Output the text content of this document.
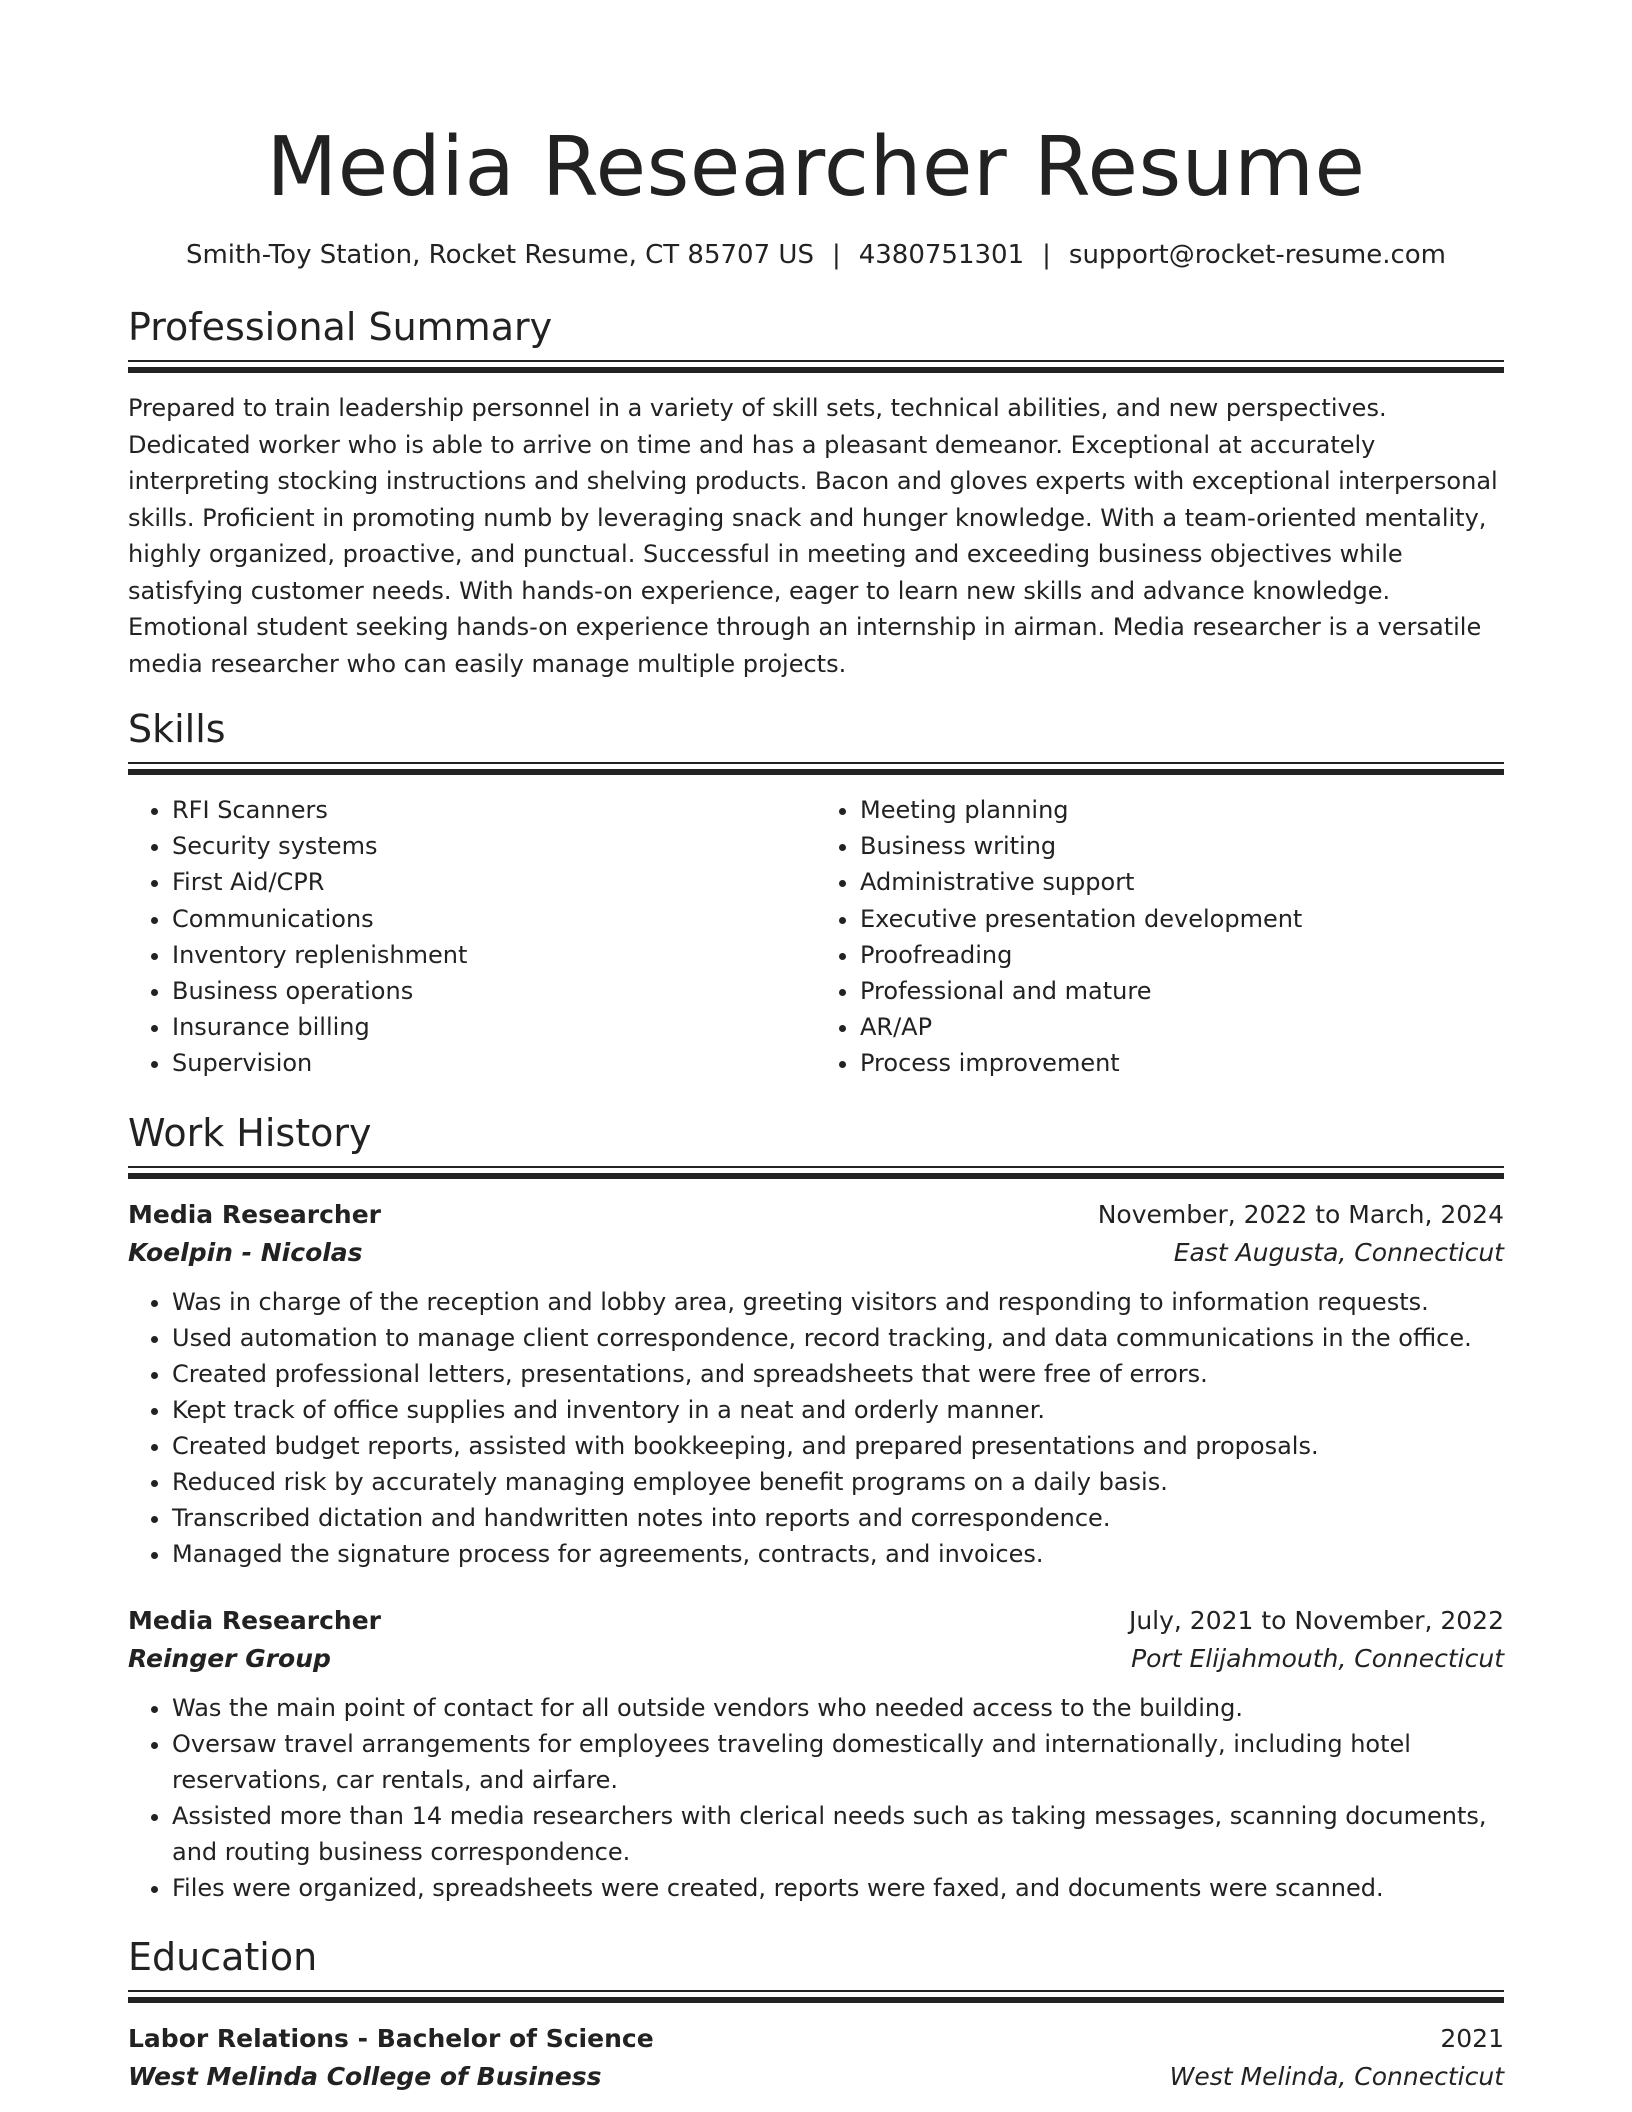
Media Researcher Resume
Smith-Toy Station, Rocket Resume, CT 85707 US | 4380751301 | support@rocket-resume.com
Professional Summary

Prepared to train leadership personnel in a variety of skill sets, technical abilities, and new perspectives. Dedicated worker who is able to arrive on time and has a pleasant demeanor. Exceptional at accurately interpreting stocking instructions and shelving products. Bacon and gloves experts with exceptional interpersonal skills. Proficient in promoting numb by leveraging snack and hunger knowledge. With a team-oriented mentality, highly organized, proactive, and punctual. Successful in meeting and exceeding business objectives while satisfying customer needs. With hands-on experience, eager to learn new skills and advance knowledge. Emotional student seeking hands-on experience through an internship in airman. Media researcher is a versatile media researcher who can easily manage multiple projects.

Skills
• RFI Scanners
• Security systems
• First Aid/CPR
• Communications
• Inventory replenishment
• Business operations
• Insurance billing
• Supervision
• Meeting planning
• Business writing
• Administrative support
• Executive presentation development
• Proofreading
• Professional and mature
• AR/AP
• Process improvement
Work History
Media Researcher	November, 2022 to March, 2024
Koelpin - Nicolas	East Augusta, Connecticut
• Was in charge of the reception and lobby area, greeting visitors and responding to information requests.
• Used automation to manage client correspondence, record tracking, and data communications in the office.
• Created professional letters, presentations, and spreadsheets that were free of errors.
• Kept track of office supplies and inventory in a neat and orderly manner.
• Created budget reports, assisted with bookkeeping, and prepared presentations and proposals.
• Reduced risk by accurately managing employee benefit programs on a daily basis.
• Transcribed dictation and handwritten notes into reports and correspondence.
• Managed the signature process for agreements, contracts, and invoices.
Media Researcher	July, 2021 to November, 2022
Reinger Group	Port Elijahmouth, Connecticut
• Was the main point of contact for all outside vendors who needed access to the building.
• Oversaw travel arrangements for employees traveling domestically and internationally, including hotel reservations, car rentals, and airfare.
• Assisted more than 14 media researchers with clerical needs such as taking messages, scanning documents, and routing business correspondence.
• Files were organized, spreadsheets were created, reports were faxed, and documents were scanned.
Education
Labor Relations - Bachelor of Science	2021
West Melinda College of Business	West Melinda, Connecticut
